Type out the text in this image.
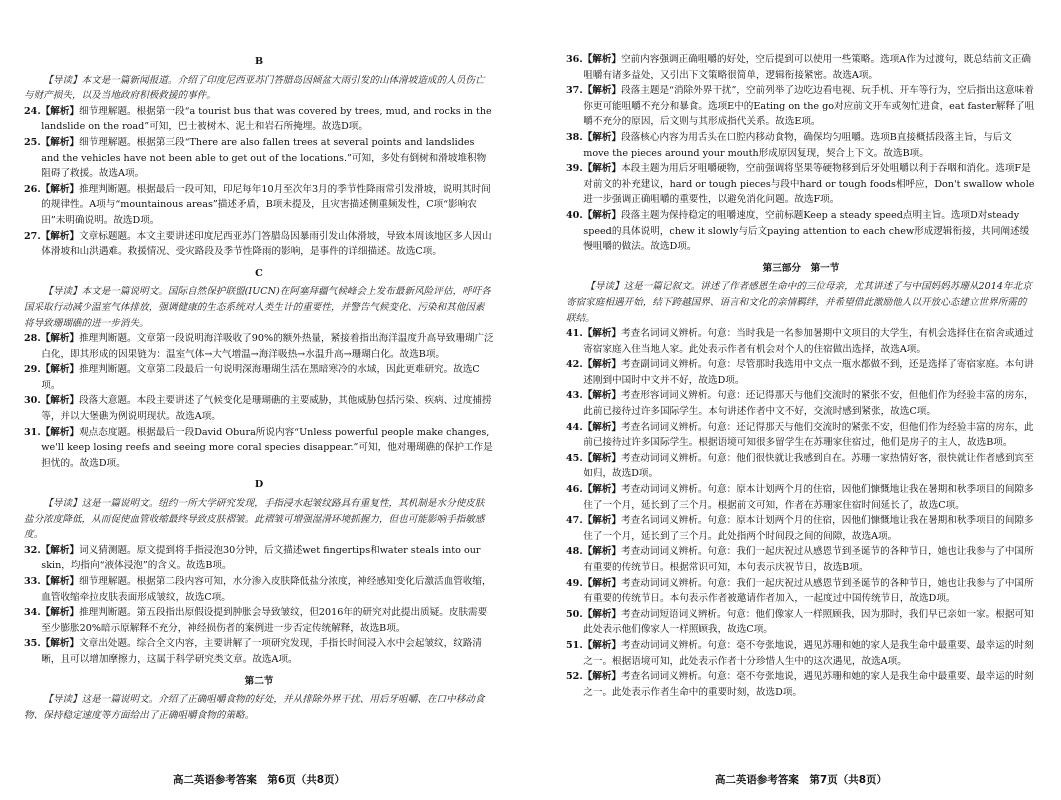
B
【导读】本文是一篇新闻报道。介绍了印度尼西亚苏门答腊岛因倾盆大雨引发的山体滑坡造成的人员伤亡与财产损失，以及当地政府积极救援的事件。
24.【解析】细节理解题。根据第一段“a tourist bus that was covered by trees, mud, and rocks in the landslide on the road”可知，巴士被树木、泥土和岩石所掩埋。故选D项。
25.【解析】细节理解题。根据第三段“There are also fallen trees at several points and landslides and the vehicles have not been able to get out of the locations.”可知，多处有倒树和滑坡堆积物阻碍了救援。故选A项。
26.【解析】推理判断题。根据最后一段可知，印尼每年10月至次年3月的季节性降雨常引发滑坡，说明其时间的规律性。A项与“mountainous areas”描述矛盾，B项未提及，且灾害描述侧重频发性，C项“影响农田”未明确说明。故选D项。
27.【解析】文章标题题。本文主要讲述印度尼西亚苏门答腊岛因暴雨引发山体滑坡，导致本周该地区多人因山体滑坡和山洪遇难。救援情况、受灾路段及季节性降雨的影响，是事件的详细描述。故选C项。
C
【导读】本文是一篇说明文。国际自然保护联盟(IUCN)在阿塞拜疆气候峰会上发布最新风险评估，呼吁各国采取行动减少温室气体排放，强调健康的生态系统对人类生计的重要性，并警告气候变化、污染和其他因素将导致珊瑚礁的进一步消失。
28.【解析】推理判断题。文章第一段说明海洋吸收了90%的额外热量，紧接着指出海洋温度升高导致珊瑚广泛白化，即其形成的因果链为：温室气体→大气增温→海洋吸热→水温升高→珊瑚白化。故选B项。
29.【解析】推理判断题。文章第二段最后一句说明深海珊瑚生活在黑暗寒冷的水域，因此更难研究。故选C项。
30.【解析】段落大意题。本段主要讲述了气候变化是珊瑚礁的主要威胁，其他威胁包括污染、疾病、过度捕捞等，并以大堡礁为例说明现状。故选A项。
31.【解析】观点态度题。根据最后一段David Obura所说内容“Unless powerful people make changes, we'll keep losing reefs and seeing more coral species disappear.”可知，他对珊瑚礁的保护工作是担忧的。故选D项。
D
【导读】这是一篇说明文。纽约一所大学研究发现，手指浸水起皱纹路具有重复性，其机制是水分使皮肤盐分浓度降低，从而促使血管收缩最终导致皮肤褶皱。此褶皱可增强湿滑环境抓握力，但也可能影响手指敏感度。
32.【解析】词义猜测题。原文提到将手指浸泡30分钟，后文描述wet fingertips和water steals into our skin，均指向“液体浸泡”的含义。故选B项。
33.【解析】细节理解题。根据第二段内容可知，水分渗入皮肤降低盐分浓度，神经感知变化后激活血管收缩，血管收缩牵拉皮肤表面形成皱纹，故选C项。
34.【解析】推理判断题。第五段指出原假设提到肿胀会导致皱纹，但2016年的研究对此提出质疑。皮肤需要至少膨胀20%暗示原解释不充分，神经损伤者的案例进一步否定传统解释，故选B项。
35.【解析】文章出处题。综合全文内容，主要讲解了一项研究发现，手指长时间浸入水中会起皱纹，纹路清晰，且可以增加摩擦力，这属于科学研究类文章。故选A项。
第二节
【导读】这是一篇说明文。介绍了正确咀嚼食物的好处，并从排除外界干扰、用后牙咀嚼、在口中移动食物、保持稳定速度等方面给出了正确咀嚼食物的策略。
36.【解析】空前内容强调正确咀嚼的好处，空后提到可以使用一些策略。选项A作为过渡句，既总结前文正确咀嚼有诸多益处，又引出下文策略很简单，逻辑衔接紧密。故选A项。
37.【解析】段落主题是“消除外界干扰”，空前列举了边吃边看电视、玩手机、开车等行为，空后指出这意味着你更可能咀嚼不充分和暴食。选项E中的Eating on the go对应前文开车或匆忙进食，eat faster解释了咀嚼不充分的原因，后文则与其形成指代关系。故选E项。
38.【解析】段落核心内容为用舌头在口腔内移动食物，确保均匀咀嚼。选项B直接概括段落主旨，与后文move the pieces around your mouth形成原因复现，契合上下文。故选B项。
39.【解析】本段主题为用后牙咀嚼硬物，空前强调将坚果等硬物移到后牙处咀嚼以利于吞咽和消化。选项F是对前文的补充建议，hard or tough pieces与段中hard or tough foods相呼应，Don't swallow whole进一步强调正确咀嚼的重要性，以避免消化问题。故选F项。
40.【解析】段落主题为保持稳定的咀嚼速度，空前标题Keep a steady speed点明主旨。选项D对steady speed的具体说明，chew it slowly与后文paying attention to each chew形成逻辑衔接，共同阐述缓慢咀嚼的做法。故选D项。
第三部分　第一节
【导读】这是一篇记叙文。讲述了作者感恩生命中的三位母亲，尤其讲述了与中国妈妈苏珊从2014年北京寄宿家庭相遇开始，结下跨越国界、语言和文化的亲情羁绊，并希望借此激励他人以开放心态建立世界所需的联结。
41.【解析】考查名词词义辨析。句意：当时我是一名参加暑期中文项目的大学生，有机会选择住在宿舍或通过寄宿家庭入住当地人家。此处表示作者有机会对个人的住宿做出选择，故选A项。
42.【解析】考查副词词义辨析。句意：尽管那时我选用中文点一瓶水都做不到，还是选择了寄宿家庭。本句讲述刚到中国时中文并不好，故选D项。
43.【解析】考查形容词词义辨析。句意：还记得那天与他们交流时的紧张不安，但他们作为经验丰富的房东，此前已接待过许多国际学生。本句讲述作者中文不好，交流时感到紧张，故选C项。
44.【解析】考查名词词义辨析。句意：还记得那天与他们交流时的紧张不安，但他们作为经验丰富的房东，此前已接待过许多国际学生。根据语境可知很多留学生在苏珊家住宿过，他们是房子的主人，故选B项。
45.【解析】考查动词词义辨析。句意：他们很快就让我感到自在。苏珊一家热情好客，很快就让作者感到宾至如归，故选D项。
46.【解析】考查动词词义辨析。句意：原本计划两个月的住宿，因他们慷慨地让我在暑期和秋季项目的间隙多住了一个月，延长到了三个月。根据前文可知，作者在苏珊家住宿时间延长了，故选C项。
47.【解析】考查名词词义辨析。句意：原本计划两个月的住宿，因他们慷慨地让我在暑期和秋季项目的间隙多住了一个月，延长到了三个月。此处指两个时间段之间的间隙，故选A项。
48.【解析】考查动词词义辨析。句意：我们一起庆祝过从感恩节到圣诞节的各种节日，她也让我参与了中国所有重要的传统节日。根据常识可知，本句表示庆祝节日，故选B项。
49.【解析】考查动词词义辨析。句意：我们一起庆祝过从感恩节到圣诞节的各种节日，她也让我参与了中国所有重要的传统节日。本句表示作者被邀请作者加入，一起度过中国传统节日，故选D项。
50.【解析】考查动词短语词义辨析。句意：他们像家人一样照顾我，因为那时，我们早已亲如一家。根据可知此处表示他们像家人一样照顾我，故选C项。
51.【解析】考查动词词义辨析。句意：毫不夸张地说，遇见苏珊和她的家人是我生命中最重要、最幸运的时刻之一。根据语境可知，此处表示作者十分珍惜人生中的这次遇见，故选A项。
52.【解析】考查名词词义辨析。句意：毫不夸张地说，遇见苏珊和她的家人是我生命中最重要、最幸运的时刻之一。此处表示作者生命中的重要时刻，故选D项。
高二英语参考答案　第6页（共8页）	高二英语参考答案　第7页（共8页）
